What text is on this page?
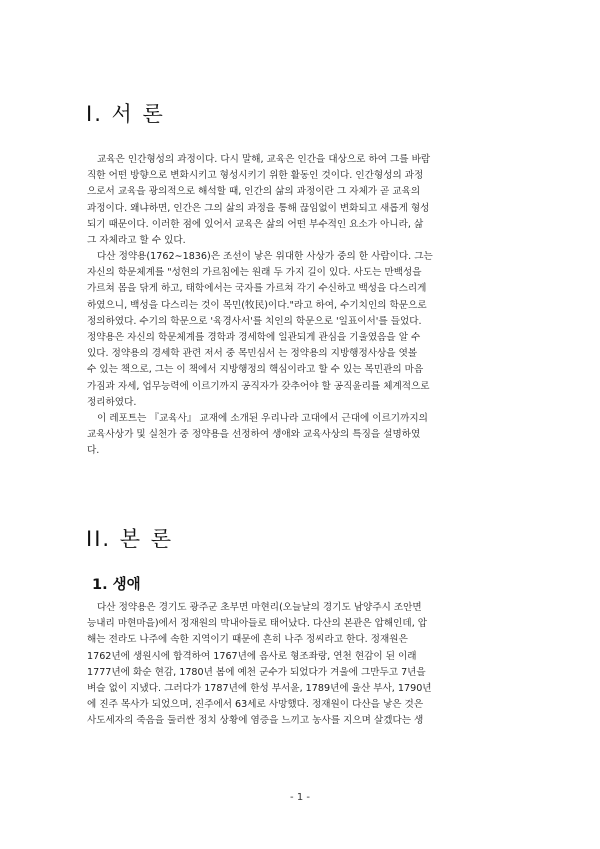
I. 서 론

교육은 인간형성의 과정이다. 다시 말해, 교육은 인간을 대상으로 하여 그를 바람
직한 어떤 방향으로 변화시키고 형성시키기 위한 활동인 것이다. 인간형성의 과정
으로서 교육을 광의적으로 해석할 때, 인간의 삶의 과정이란 그 자체가 곧 교육의
과정이다. 왜냐하면, 인간은 그의 삶의 과정을 통해 끊임없이 변화되고 새롭게 형성
되기 때문이다. 이러한 점에 있어서 교육은 삶의 어떤 부수적인 요소가 아니라, 삶
그 자체라고 할 수 있다.

다산 정약용(1762∼1836)은 조선이 낳은 위대한 사상가 중의 한 사람이다. 그는
자신의 학문체계를 "성현의 가르침에는 원래 두 가지 길이 있다. 사도는 만백성을
가르쳐 몸을 닦게 하고, 태학에서는 국자를 가르쳐 각기 수신하고 백성을 다스리게
하였으니, 백성을 다스리는 것이 목민(牧民)이다."라고 하여, 수기치인의 학문으로
정의하였다. 수기의 학문으로 '육경사서'를 치인의 학문으로 '일표이서'를 들었다.
정약용은 자신의 학문체계를 경학과 경세학에 일관되게 관심을 기울였음을 알 수
있다. 정약용의 경세학 관련 저서 중 목민심서 는 정약용의 지방행정사상을 엿볼
수 있는 책으로, 그는 이 책에서 지방행정의 핵심이라고 할 수 있는 목민관의 마음
가짐과 자세, 업무능력에 이르기까지 공직자가 갖추어야 할 공직윤리를 체계적으로
정리하였다.

이 레포트는 『교육사』 교재에 소개된 우리나라 고대에서 근대에 이르기까지의
교육사상가 및 실천가 중 정약용을 선정하여 생애와 교육사상의 특징을 설명하였
다.

II. 본 론
1. 생애

다산 정약용은 경기도 광주군 초부면 마현리(오늘날의 경기도 남양주시 조안면
능내리 마현마을)에서 정재원의 막내아들로 태어났다. 다산의 본관은 압해인데, 압
해는 전라도 나주에 속한 지역이기 때문에 흔히 나주 정씨라고 한다. 정재원은
1762년에 생원시에 합격하여 1767년에 음사로 형조좌랑, 연천 현감이 된 이래
1777년에 화순 현감, 1780년 봄에 예천 군수가 되었다가 겨울에 그만두고 7년을
벼슬 없이 지냈다. 그러다가 1787년에 한성 부서윤, 1789년에 울산 부사, 1790년
에 진주 목사가 되었으며, 진주에서 63세로 사망했다. 정재원이 다산을 낳은 것은
사도세자의 죽음을 둘러싼 정치 상황에 염증을 느끼고 농사를 지으며 살겠다는 생

- 1 -
